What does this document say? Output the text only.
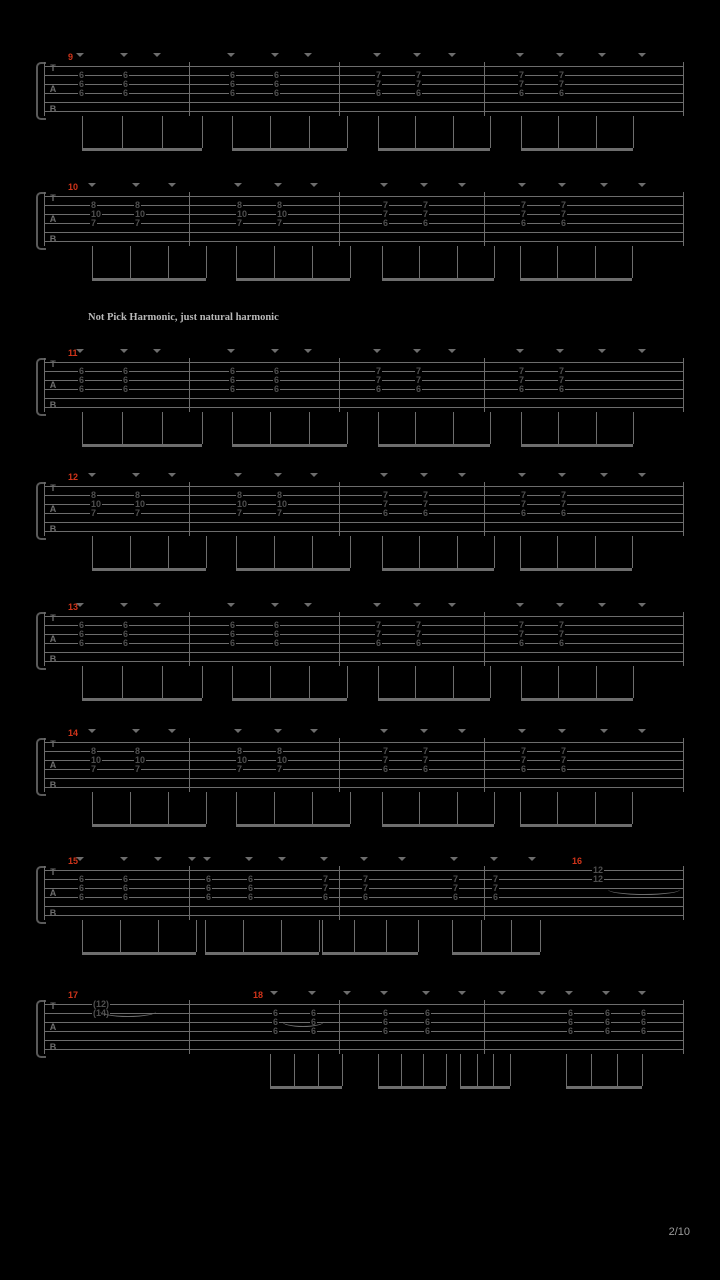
T
A
B
9
6
6
6
6
6
6
6
6
6
6
6
6
7
7
6
7
7
6
7
7
6
7
7
6
T
A
B
10
8
10
7
8
10
7
8
10
7
8
10
7
7
7
6
7
7
6
7
7
6
7
7
6
T
A
B
11
6
6
6
6
6
6
6
6
6
6
6
6
7
7
6
7
7
6
7
7
6
7
7
6
T
A
B
12
8
10
7
8
10
7
8
10
7
8
10
7
7
7
6
7
7
6
7
7
6
7
7
6
T
A
B
13
6
6
6
6
6
6
6
6
6
6
6
6
7
7
6
7
7
6
7
7
6
7
7
6
T
A
B
14
8
10
7
8
10
7
8
10
7
8
10
7
7
7
6
7
7
6
7
7
6
7
7
6
T
A
B
15	16
6
6
6
6
6
6
6
6
6
6
6
6
7
7
6
7
7
6
7
7
6
7
7
6
12
12
T
A
B
17	18
(12)
(14)	6
6
6
6
6
6
6
6
6
6
6
6
6
6
6
6
6
6
6
6
6
Not Pick Harmonic, just natural harmonic
2/10
